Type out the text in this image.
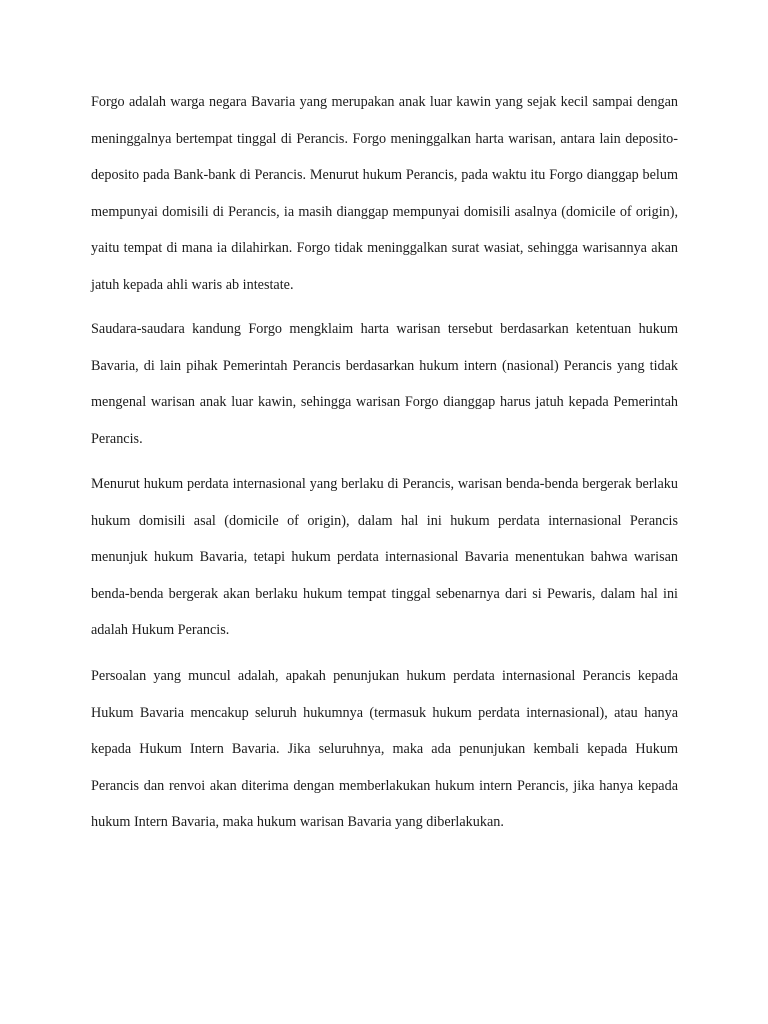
Forgo adalah warga negara Bavaria yang merupakan anak luar kawin yang sejak kecil sampai dengan meninggalnya bertempat tinggal di Perancis. Forgo meninggalkan harta warisan, antara lain deposito-deposito pada Bank-bank di Perancis. Menurut hukum Perancis, pada waktu itu Forgo dianggap belum mempunyai domisili di Perancis, ia masih dianggap mempunyai domisili asalnya (domicile of origin), yaitu tempat di mana ia dilahirkan. Forgo tidak meninggalkan surat wasiat, sehingga warisannya akan jatuh kepada ahli waris ab intestate.

Saudara-saudara kandung Forgo mengklaim harta warisan tersebut berdasarkan ketentuan hukum Bavaria, di lain pihak Pemerintah Perancis berdasarkan hukum intern (nasional) Perancis yang tidak mengenal warisan anak luar kawin, sehingga warisan Forgo dianggap harus jatuh kepada Pemerintah Perancis.

Menurut hukum perdata internasional yang berlaku di Perancis, warisan benda-benda bergerak berlaku hukum domisili asal (domicile of origin), dalam hal ini hukum perdata internasional Perancis menunjuk hukum Bavaria, tetapi hukum perdata internasional Bavaria menentukan bahwa warisan benda-benda bergerak akan berlaku hukum tempat tinggal sebenarnya dari si Pewaris, dalam hal ini adalah Hukum Perancis.

Persoalan yang muncul adalah, apakah penunjukan hukum perdata internasional Perancis kepada Hukum Bavaria mencakup seluruh hukumnya (termasuk hukum perdata internasional), atau hanya kepada Hukum Intern Bavaria. Jika seluruhnya, maka ada penunjukan kembali kepada Hukum Perancis dan renvoi akan diterima dengan memberlakukan hukum intern Perancis, jika hanya kepada hukum Intern Bavaria, maka hukum warisan Bavaria yang diberlakukan.
